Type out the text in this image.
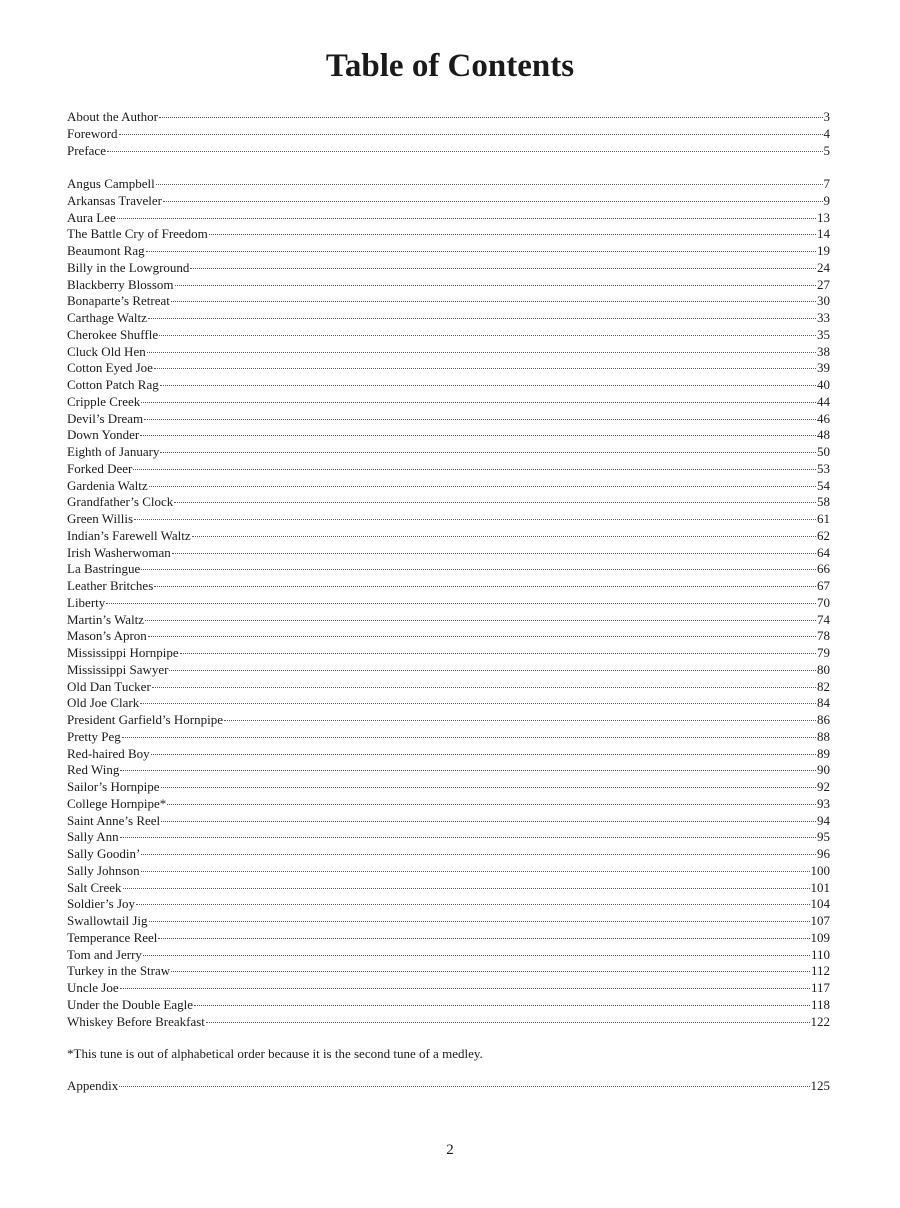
Table of Contents
About the Author	3
Foreword	4
Preface	5
Angus Campbell	7
Arkansas Traveler	9
Aura Lee	13
The Battle Cry of Freedom	14
Beaumont Rag	19
Billy in the Lowground	24
Blackberry Blossom	27
Bonaparte’s Retreat	30
Carthage Waltz	33
Cherokee Shuffle	35
Cluck Old Hen	38
Cotton Eyed Joe	39
Cotton Patch Rag	40
Cripple Creek	44
Devil’s Dream	46
Down Yonder	48
Eighth of January	50
Forked Deer	53
Gardenia Waltz	54
Grandfather’s Clock	58
Green Willis	61
Indian’s Farewell Waltz	62
Irish Washerwoman	64
La Bastringue	66
Leather Britches	67
Liberty	70
Martin’s Waltz	74
Mason’s Apron	78
Mississippi Hornpipe	79
Mississippi Sawyer	80
Old Dan Tucker	82
Old Joe Clark	84
President Garfield’s Hornpipe	86
Pretty Peg	88
Red-haired Boy	89
Red Wing	90
Sailor’s Hornpipe	92
College Hornpipe*	93
Saint Anne’s Reel	94
Sally Ann	95
Sally Goodin’	96
Sally Johnson	100
Salt Creek	101
Soldier’s Joy	104
Swallowtail Jig	107
Temperance Reel	109
Tom and Jerry	110
Turkey in the Straw	112
Uncle Joe	117
Under the Double Eagle	118
Whiskey Before Breakfast	122
*This tune is out of alphabetical order because it is the second tune of a medley.
Appendix	125
2
